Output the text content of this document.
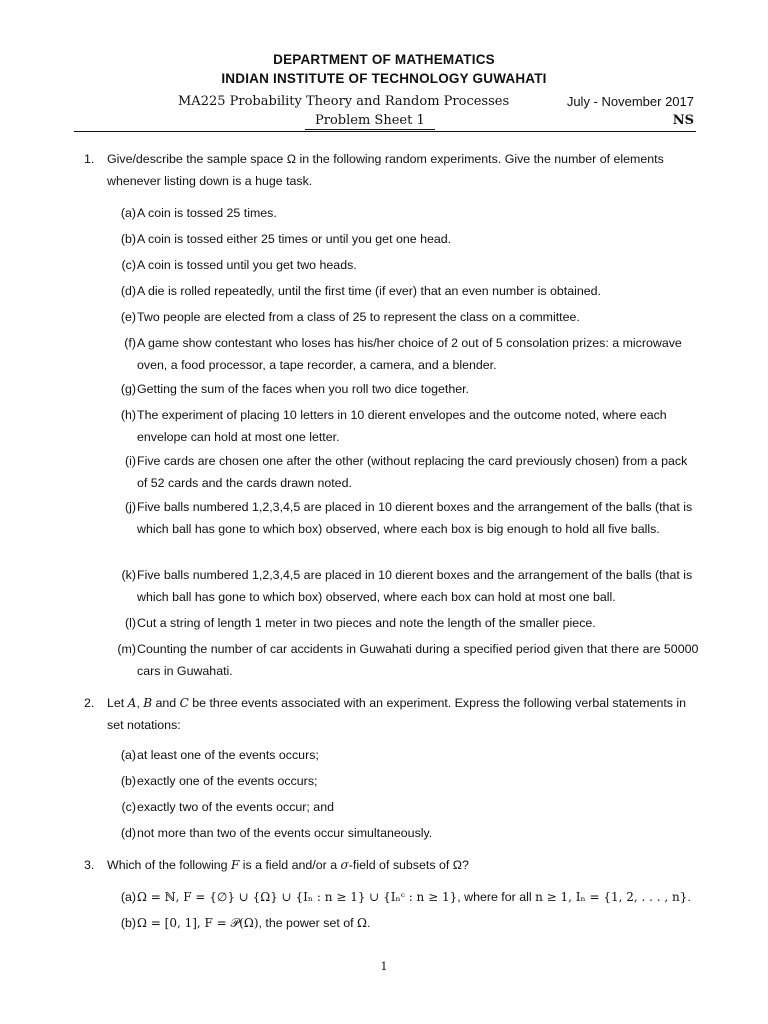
DEPARTMENT OF MATHEMATICS
INDIAN INSTITUTE OF TECHNOLOGY GUWAHATI
MA225 Probability Theory and Random Processes	July - November 2017
Problem Sheet 1	NS
1. Give/describe the sample space Ω in the following random experiments. Give the number of elements whenever listing down is a huge task.
(a) A coin is tossed 25 times.
(b) A coin is tossed either 25 times or until you get one head.
(c) A coin is tossed until you get two heads.
(d) A die is rolled repeatedly, until the first time (if ever) that an even number is obtained.
(e) Two people are elected from a class of 25 to represent the class on a committee.
(f) A game show contestant who loses has his/her choice of 2 out of 5 consolation prizes: a microwave oven, a food processor, a tape recorder, a camera, and a blender.
(g) Getting the sum of the faces when you roll two dice together.
(h) The experiment of placing 10 letters in 10 dierent envelopes and the outcome noted, where each envelope can hold at most one letter.
(i) Five cards are chosen one after the other (without replacing the card previously chosen) from a pack of 52 cards and the cards drawn noted.
(j) Five balls numbered 1,2,3,4,5 are placed in 10 dierent boxes and the arrangement of the balls (that is which ball has gone to which box) observed, where each box is big enough to hold all five balls.
(k) Five balls numbered 1,2,3,4,5 are placed in 10 dierent boxes and the arrangement of the balls (that is which ball has gone to which box) observed, where each box can hold at most one ball.
(l) Cut a string of length 1 meter in two pieces and note the length of the smaller piece.
(m) Counting the number of car accidents in Guwahati during a specified period given that there are 50000 cars in Guwahati.
2. Let A, B and C be three events associated with an experiment. Express the following verbal statements in set notations:
(a) at least one of the events occurs;
(b) exactly one of the events occurs;
(c) exactly two of the events occur; and
(d) not more than two of the events occur simultaneously.
3. Which of the following F is a field and/or a σ-field of subsets of Ω?
(a) Ω = ℕ, F = {∅} ∪ {Ω} ∪ {Iₙ : n ≥ 1} ∪ {Iₙᶜ : n ≥ 1}, where for all n ≥ 1, Iₙ = {1, 2, . . . , n}.
(b) Ω = [0, 1], F = 𝒫(Ω), the power set of Ω.
1
